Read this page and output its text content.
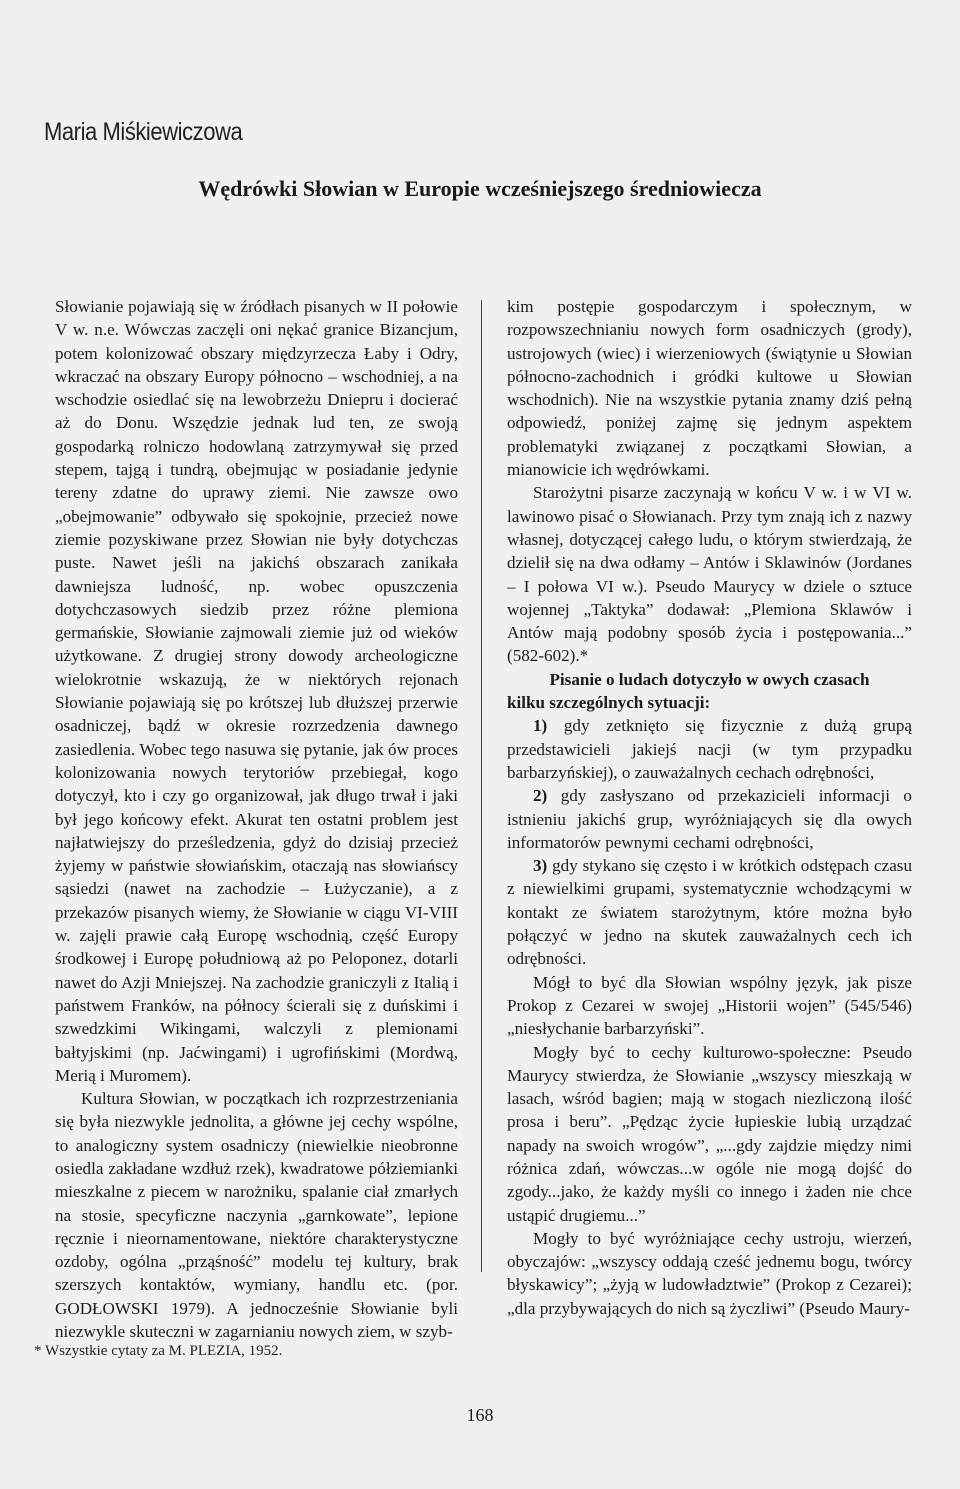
Maria Miśkiewiczowa
Wędrówki Słowian w Europie wcześniejszego średniowiecza

Słowianie pojawiają się w źródłach pisanych w II połowie V w. n.e. Wówczas zaczęli oni nękać granice Bizancjum, potem kolonizować obszary międzyrzecza Łaby i Odry, wkraczać na obszary Europy północno – wschodniej, a na wschodzie osiedlać się na lewobrzeżu Dniepru i docierać aż do Donu. Wszędzie jednak lud ten, ze swoją gospodarką rolniczo hodowlaną zatrzymywał się przed stepem, tajgą i tundrą, obejmując w posiadanie jedynie tereny zdatne do uprawy ziemi. Nie zawsze owo „obejmowanie” odbywało się spokojnie, przecież nowe ziemie pozyskiwane przez Słowian nie były dotychczas puste. Nawet jeśli na jakichś obszarach zanikała dawniejsza ludność, np. wobec opuszczenia dotychczasowych siedzib przez różne plemiona germańskie, Słowianie zajmowali ziemie już od wieków użytkowane. Z drugiej strony dowody archeologiczne wielokrotnie wskazują, że w niektórych rejonach Słowianie pojawiają się po krótszej lub dłuższej przerwie osadniczej, bądź w okresie rozrzedzenia dawnego zasiedlenia. Wobec tego nasuwa się pytanie, jak ów proces kolonizowania nowych terytoriów przebiegał, kogo dotyczył, kto i czy go organizował, jak długo trwał i jaki był jego końcowy efekt. Akurat ten ostatni problem jest najłatwiejszy do prześledzenia, gdyż do dzisiaj przecież żyjemy w państwie słowiańskim, otaczają nas słowiańscy sąsiedzi (nawet na zachodzie – Łużyczanie), a z przekazów pisanych wiemy, że Słowianie w ciągu VI-VIII w. zajęli prawie całą Europę wschodnią, część Europy środkowej i Europę południową aż po Peloponez, dotarli nawet do Azji Mniejszej. Na zachodzie graniczyli z Italią i państwem Franków, na północy ścierali się z duńskimi i szwedzkimi Wikingami, walczyli z plemionami bałtyjskimi (np. Jaćwingami) i ugrofińskimi (Mordwą, Merią i Muromem).

Kultura Słowian, w początkach ich rozprzestrzeniania się była niezwykle jednolita, a główne jej cechy wspólne, to analogiczny system osadniczy (niewielkie nieobronne osiedla zakładane wzdłuż rzek), kwadratowe półziemianki mieszkalne z piecem w narożniku, spalanie ciał zmarłych na stosie, specyficzne naczynia „garnkowate”, lepione ręcznie i nieornamentowane, niektóre charakterystyczne ozdoby, ogólna „prząśność” modelu tej kultury, brak szerszych kontaktów, wymiany, handlu etc. (por. GODŁOWSKI 1979). A jednocześnie Słowianie byli niezwykle skuteczni w zagarnianiu nowych ziem, w szyb-

kim postępie gospodarczym i społecznym, w rozpowszechnianiu nowych form osadniczych (grody), ustrojowych (wiec) i wierzeniowych (świątynie u Słowian północno-zachodnich i gródki kultowe u Słowian wschodnich). Nie na wszystkie pytania znamy dziś pełną odpowiedź, poniżej zajmę się jednym aspektem problematyki związanej z początkami Słowian, a mianowicie ich wędrówkami.

Starożytni pisarze zaczynają w końcu V w. i w VI w. lawinowo pisać o Słowianach. Przy tym znają ich z nazwy własnej, dotyczącej całego ludu, o którym stwierdzają, że dzielił się na dwa odłamy – Antów i Sklawinów (Jordanes – I połowa VI w.). Pseudo Maurycy w dziele o sztuce wojennej „Taktyka” dodawał: „Plemiona Sklawów i Antów mają podobny sposób życia i postępowania...” (582-602).*

Pisanie o ludach dotyczyło w owych czasach

kilku szczególnych sytuacji:

1) gdy zetknięto się fizycznie z dużą grupą przedstawicieli jakiejś nacji (w tym przypadku barbarzyńskiej), o zauważalnych cechach odrębności,

2) gdy zasłyszano od przekazicieli informacji o istnieniu jakichś grup, wyróżniających się dla owych informatorów pewnymi cechami odrębności,

3) gdy stykano się często i w krótkich odstępach czasu z niewielkimi grupami, systematycznie wchodzącymi w kontakt ze światem starożytnym, które można było połączyć w jedno na skutek zauważalnych cech ich odrębności.

Mógł to być dla Słowian wspólny język, jak pisze Prokop z Cezarei w swojej „Historii wojen” (545/546) „niesłychanie barbarzyński”.

Mogły być to cechy kulturowo-społeczne: Pseudo Maurycy stwierdza, że Słowianie „wszyscy mieszkają w lasach, wśród bagien; mają w stogach niezliczoną ilość prosa i beru”. „Pędząc życie łupieskie lubią urządzać napady na swoich wrogów”, „...gdy zajdzie między nimi różnica zdań, wówczas...w ogóle nie mogą dojść do zgody...jako, że każdy myśli co innego i żaden nie chce ustąpić drugiemu...”

Mogły to być wyróżniające cechy ustroju, wierzeń, obyczajów: „wszyscy oddają cześć jednemu bogu, twórcy błyskawicy”; „żyją w ludowładztwie” (Prokop z Cezarei); „dla przybywających do nich są życzliwi” (Pseudo Maury-

* Wszystkie cytaty za M. PLEZIA, 1952.
168
